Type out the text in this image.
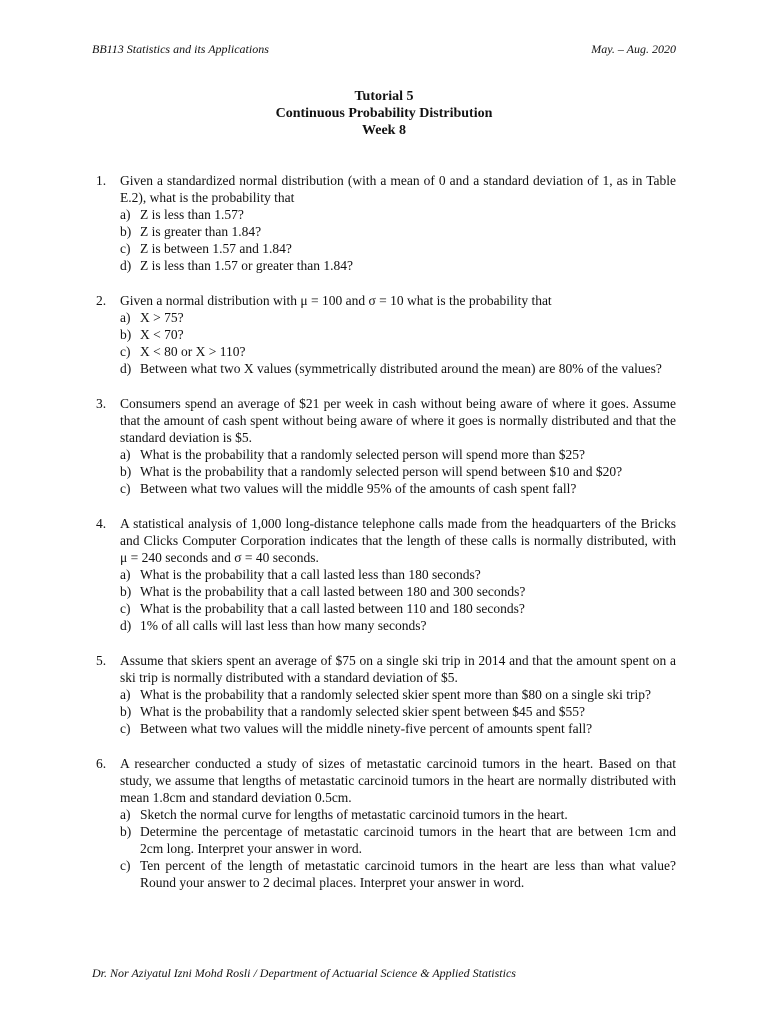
BB113 Statistics and its Applications	May. – Aug. 2020
Tutorial 5
Continuous Probability Distribution
Week 8
1.	Given a standardized normal distribution (with a mean of 0 and a standard deviation of 1, as in Table E.2), what is the probability that
a) Z is less than 1.57?
b) Z is greater than 1.84?
c) Z is between 1.57 and 1.84?
d) Z is less than 1.57 or greater than 1.84?
2.	Given a normal distribution with μ = 100 and σ = 10 what is the probability that
a) X > 75?
b) X < 70?
c) X < 80 or X > 110?
d) Between what two X values (symmetrically distributed around the mean) are 80% of the values?
3.	Consumers spend an average of $21 per week in cash without being aware of where it goes. Assume that the amount of cash spent without being aware of where it goes is normally distributed and that the standard deviation is $5.
a) What is the probability that a randomly selected person will spend more than $25?
b) What is the probability that a randomly selected person will spend between $10 and $20?
c) Between what two values will the middle 95% of the amounts of cash spent fall?
4.	A statistical analysis of 1,000 long-distance telephone calls made from the headquarters of the Bricks and Clicks Computer Corporation indicates that the length of these calls is normally distributed, with μ = 240 seconds and σ = 40 seconds.
a) What is the probability that a call lasted less than 180 seconds?
b) What is the probability that a call lasted between 180 and 300 seconds?
c) What is the probability that a call lasted between 110 and 180 seconds?
d) 1% of all calls will last less than how many seconds?
5.	Assume that skiers spent an average of $75 on a single ski trip in 2014 and that the amount spent on a ski trip is normally distributed with a standard deviation of $5.
a) What is the probability that a randomly selected skier spent more than $80 on a single ski trip?
b) What is the probability that a randomly selected skier spent between $45 and $55?
c) Between what two values will the middle ninety-five percent of amounts spent fall?
6.	A researcher conducted a study of sizes of metastatic carcinoid tumors in the heart. Based on that study, we assume that lengths of metastatic carcinoid tumors in the heart are normally distributed with mean 1.8cm and standard deviation 0.5cm.
a) Sketch the normal curve for lengths of metastatic carcinoid tumors in the heart.
b) Determine the percentage of metastatic carcinoid tumors in the heart that are between 1cm and 2cm long. Interpret your answer in word.
c) Ten percent of the length of metastatic carcinoid tumors in the heart are less than what value? Round your answer to 2 decimal places. Interpret your answer in word.
Dr. Nor Aziyatul Izni Mohd Rosli / Department of Actuarial Science & Applied Statistics
